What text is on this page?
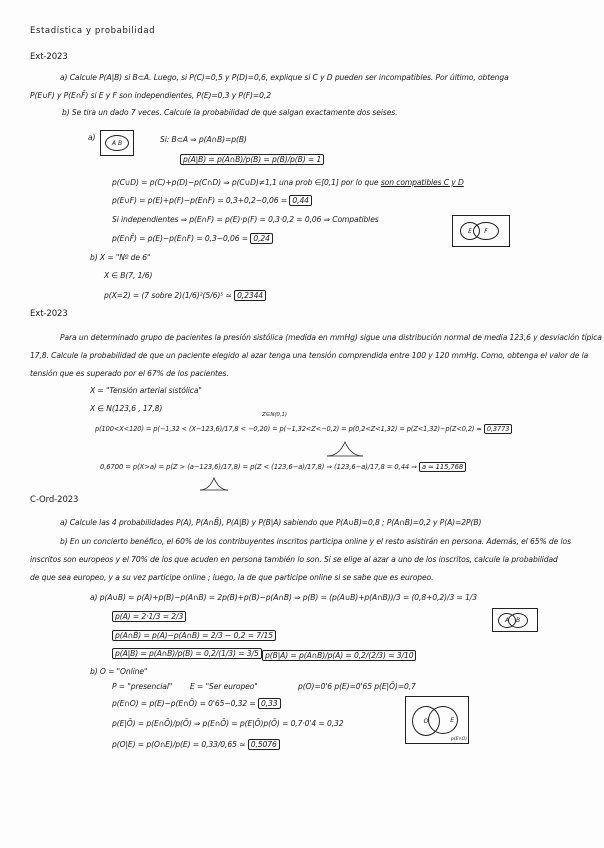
Estadística y probabilidad
Ext-2023
a) Calcule P(A|B) si B⊂A. Luego, si P(C)=0,5 y P(D)=0,6, explique si C y D pueden ser incompatibles. Por último, obtenga
P(E∪F) y P(E∩F̄) si E y F son independientes, P(E)=0,3 y P(F)=0,2
b) Se tira un dado 7 veces. Calcule la probabilidad de que salgan exactamente dos seises.
a)
A
B	Si: B⊂A ⇒ p(A∩B)=p(B)
p(A|B) = p(A∩B)/p(B) = p(B)/p(B) = 1
p(C∪D) = p(C)+p(D)−p(C∩D) ⇒ p(C∪D)≠1,1 una prob ∈[0,1] por lo que son compatibles C y D
p(E∪F) = p(E)+p(F)−p(E∩F) = 0,3+0,2−0,06 = 0,44
Si independientes ⇒ p(E∩F) = p(E)·p(F) = 0,3·0,2 = 0,06 ⇒ Compatibles
p(E∩F̄) = p(E)−p(E∩F) = 0,3−0,06 = 0,24
E	F
b) X = "Nº de 6"
X ∈ B(7, 1/6)
p(X=2) = (7 sobre 2)(1/6)²(5/6)⁵ ≃ 0,2344
Ext-2023
Para un determinado grupo de pacientes la presión sistólica (medida en mmHg) sigue una distribución normal de media 123,6 y desviación típica
17,8. Calcule la probabilidad de que un paciente elegido al azar tenga una tensión comprendida entre 100 y 120 mmHg. Como, obtenga el valor de la
tensión que es superado por el 67% de los pacientes.
X = "Tensión arterial sistólica"
X ∈ N(123,6 , 17,8)
Z∈N(0,1)
p(100<X<120) = p(−1,32 < (X−123,6)/17,8 < −0,20) = p(−1,32<Z<−0,2) = p(0,2<Z<1,32) = p(Z<1,32)−p(Z<0,2) ≃ 0,3773
0,6700 = p(X>a) = p(Z > (a−123,6)/17,8) = p(Z < (123,6−a)/17,8) ⇒ (123,6−a)/17,8 = 0,44 ⇒ a ≃ 115,768
C-Ord-2023
a) Calcule las 4 probabilidades P(A), P(A∩B̄), P(A|B) y P(B|A) sabiendo que P(A∪B)=0,8 ; P(A∩B)=0,2 y P(A)=2P(B)
b) En un concierto benéfico, el 60% de los contribuyentes inscritos participa online y el resto asistirán en persona. Además, el 65% de los
inscritos son europeos y el 70% de los que acuden en persona también lo son. Si se elige al azar a uno de los inscritos, calcule la probabilidad
de que sea europeo, y a su vez participe online ; luego, la de que participe online si se sabe que es europeo.
a) p(A∪B) = p(A)+p(B)−p(A∩B) = 2p(B)+p(B)−p(A∩B) ⇒ p(B) = (p(A∪B)+p(A∩B))/3 = (0,8+0,2)/3 = 1/3
p(A) = 2·1/3 = 2/3
p(A∩B̄) = p(A)−p(A∩B) = 2/3 − 0,2 = 7/15
p(A|B) = p(A∩B)/p(B) = 0,2/(1/3) = 3/5 p(B|A) = p(A∩B)/p(A) = 0,2/(2/3) = 3/10
A	B
b) O = "Online"
P = "presencial" E = "Ser europeo"	p(O)=0'6 p(E)=0'65 p(E|Ō)=0,7
p(E∩O) = p(E)−p(E∩Ō) = 0'65−0,32 = 0,33
p(E|Ō) = p(E∩Ō)/p(Ō) ⇒ p(E∩Ō) = p(E|Ō)p(Ō) = 0,7·0'4 = 0,32
p(O|E) = p(O∩E)/p(E) = 0,33/0,65 ≃ 0,5076
O	E
p(E∩O)
